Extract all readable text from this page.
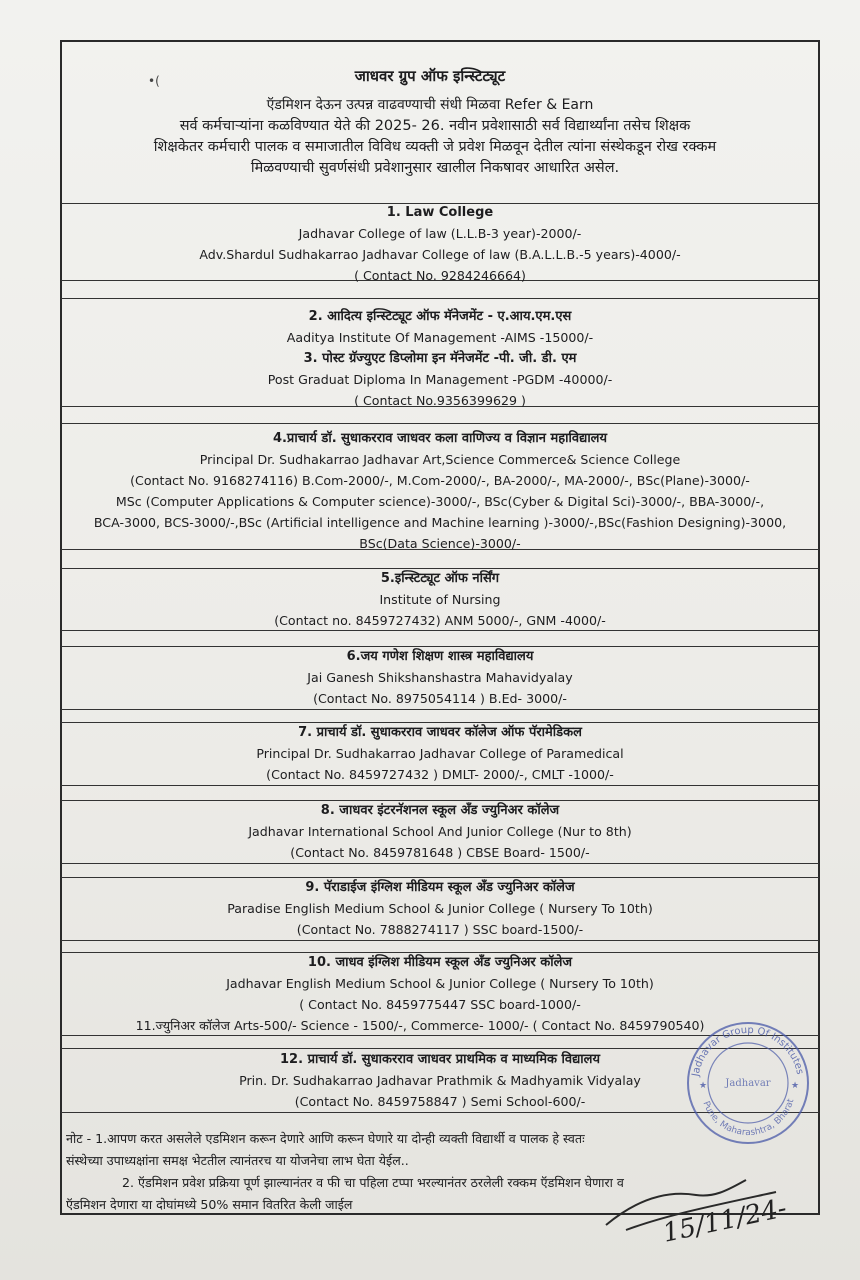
•(	जाधवर ग्रुप ऑफ इन्स्टिट्यूट
ऍडमिशन देऊन उत्पन्न वाढवण्याची संधी मिळवा Refer & Earn
सर्व कर्मचाऱ्यांना कळविण्यात येते की 2025- 26. नवीन प्रवेशासाठी सर्व विद्यार्थ्यांना तसेच शिक्षक
शिक्षकेतर कर्मचारी पालक व समाजातील विविध व्यक्ती जे प्रवेश मिळवून देतील त्यांना संस्थेकडून रोख रक्कम
मिळवण्याची सुवर्णसंधी प्रवेशानुसार खालील निकषावर आधारित असेल.
1. Law College
Jadhavar College of law (L.L.B-3 year)-2000/-
Adv.Shardul Sudhakarrao Jadhavar College of law (B.A.L.L.B.-5 years)-4000/-
( Contact No. 9284246664)
2. आदित्य इन्स्टिट्यूट ऑफ मॅनेजमेंट - ए.आय.एम.एस
Aaditya Institute Of Management -AIMS -15000/-
3. पोस्ट ग्रॅज्युएट डिप्लोमा इन मॅनेजमेंट -पी. जी. डी. एम
Post Graduat Diploma In Management -PGDM -40000/-
( Contact No.9356399629 )
4.प्राचार्य डॉ. सुधाकरराव जाधवर कला वाणिज्य व विज्ञान महाविद्यालय
Principal Dr. Sudhakarrao Jadhavar Art,Science Commerce& Science College
(Contact No. 9168274116) B.Com-2000/-, M.Com-2000/-, BA-2000/-, MA-2000/-, BSc(Plane)-3000/-
MSc (Computer Applications & Computer science)-3000/-, BSc(Cyber & Digital Sci)-3000/-, BBA-3000/-,
BCA-3000, BCS-3000/-,BSc (Artificial intelligence and Machine learning )-3000/-,BSc(Fashion Designing)-3000,
BSc(Data Science)-3000/-
5.इन्स्टिट्यूट ऑफ नर्सिंग
Institute of Nursing
(Contact no. 8459727432) ANM 5000/-, GNM -4000/-
6.जय गणेश शिक्षण शास्त्र महाविद्यालय
Jai Ganesh Shikshanshastra Mahavidyalay
(Contact No. 8975054114 ) B.Ed- 3000/-
7. प्राचार्य डॉ. सुधाकरराव जाधवर कॉलेज ऑफ पॅरामेडिकल
Principal Dr. Sudhakarrao Jadhavar College of Paramedical
(Contact No. 8459727432 ) DMLT- 2000/-, CMLT -1000/-
8. जाधवर इंटरनॅशनल स्कूल अँड ज्युनिअर कॉलेज
Jadhavar International School And Junior College (Nur to 8th)
(Contact No. 8459781648 ) CBSE Board- 1500/-
9. पॅराडाईज इंग्लिश मीडियम स्कूल अँड ज्युनिअर कॉलेज
Paradise English Medium School & Junior College ( Nursery To 10th)
(Contact No. 7888274117 ) SSC board-1500/-
10. जाधव इंग्लिश मीडियम स्कूल अँड ज्युनिअर कॉलेज
Jadhavar English Medium School & Junior College ( Nursery To 10th)
( Contact No. 8459775447 SSC board-1000/-
11.ज्युनिअर कॉलेज Arts-500/- Science - 1500/-, Commerce- 1000/- ( Contact No. 8459790540)
12. प्राचार्य डॉ. सुधाकरराव जाधवर प्राथमिक व माध्यमिक विद्यालय
Prin. Dr. Sudhakarrao Jadhavar Prathmik & Madhyamik Vidyalay
(Contact No. 8459758847 ) Semi School-600/-
नोट - 1.आपण करत असलेले एडमिशन करून देणारे आणि करून घेणारे या दोन्ही व्यक्ती विद्यार्थी व पालक हे स्वतः
संस्थेच्या उपाध्यक्षांना समक्ष भेटतील त्यानंतरच या योजनेचा लाभ घेता येईल..
2. ऍडमिशन प्रवेश प्रक्रिया पूर्ण झाल्यानंतर व फी चा पहिला टप्पा भरल्यानंतर ठरलेली रक्कम ऍडमिशन घेणारा व
ऍडमिशन देणारा या दोघांमध्ये 50% समान वितरित केली जाईल
Jadhavar Group Of Institutes
Pune, Maharashtra, Bharat
Jadhavar
★	★
15/11/24-
